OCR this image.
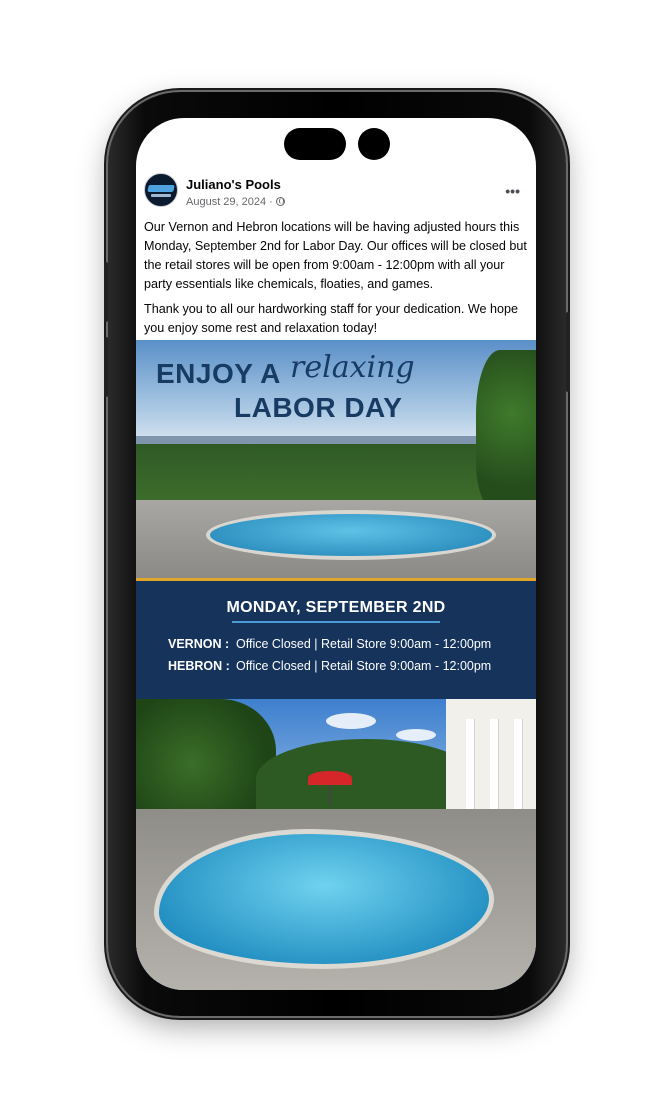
Juliano's Pools
August 29, 2024 ·
•••

Our Vernon and Hebron locations will be having adjusted hours this Monday, September 2nd for Labor Day. Our offices will be closed but the retail stores will be open from 9:00am - 12:00pm with all your party essentials like chemicals, floaties, and games.

Thank you to all our hardworking staff for your dedication. We hope you enjoy some rest and relaxation today!

ENJOY A relaxing
LABOR DAY
MONDAY, SEPTEMBER 2ND
VERNON : Office Closed | Retail Store 9:00am - 12:00pm
HEBRON : Office Closed | Retail Store 9:00am - 12:00pm
